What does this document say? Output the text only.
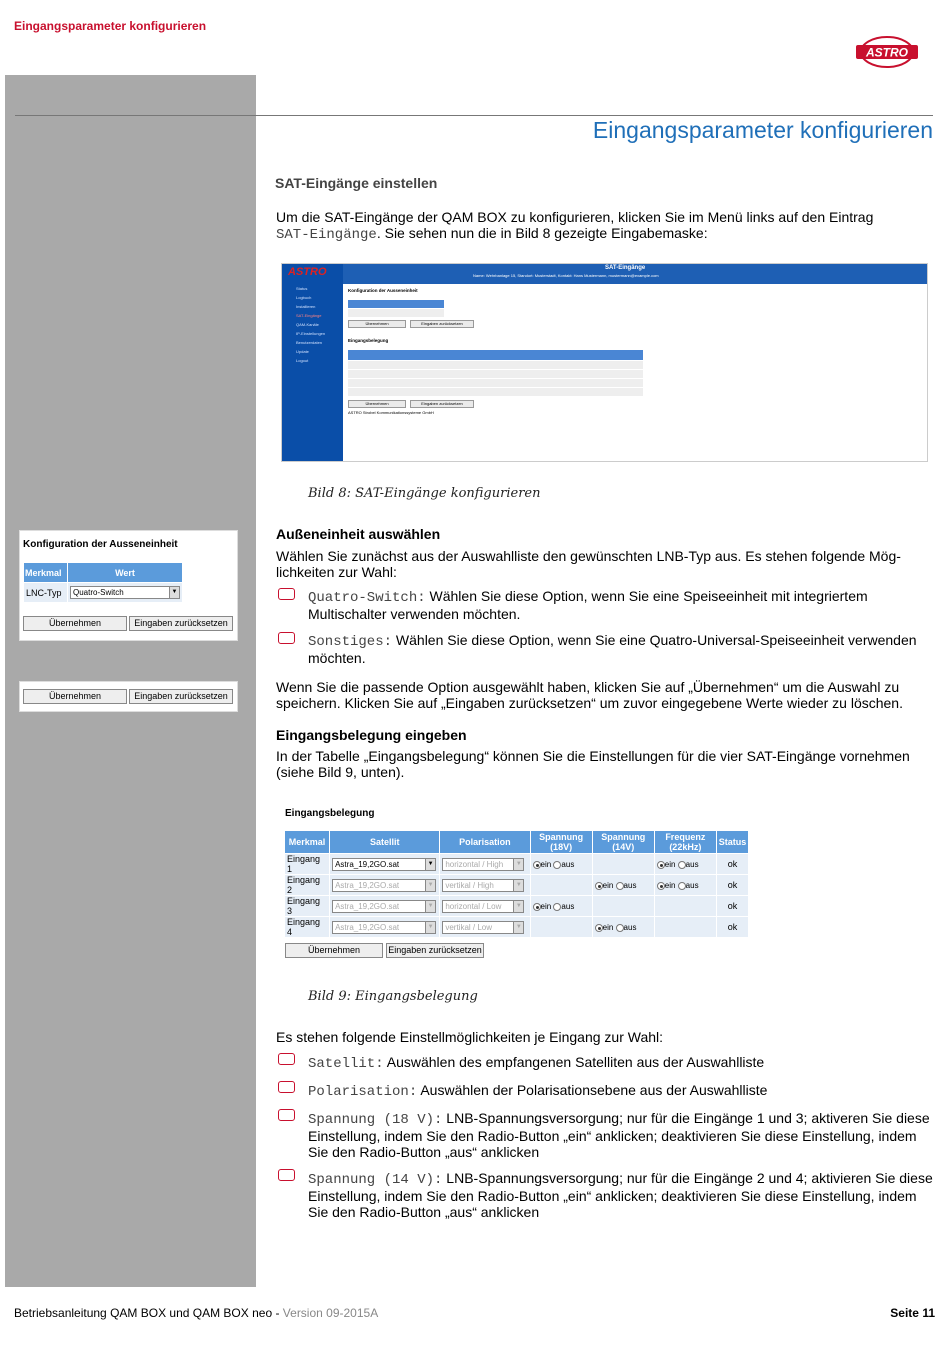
Eingangsparameter konfigurieren
ASTRO
Eingangsparameter konfigurieren
SAT-Eingänge einstellen
Um die SAT-Eingänge der QAM BOX zu konfigurieren, klicken Sie im Menü links auf den Eintrag
SAT-Eingänge. Sie sehen nun die in Bild 8 gezeigte Eingabemaske:
ASTRO
Status
Logbuch
Installieren
SAT-Eingänge
QAM-Kanäle
IP-Einstellungen
Benutzerdaten
Update
Logout
SAT-Eingänge
Name: Wehrbanlage 15, Standort: Musterstadt, Kontakt: Hans Mustermann, mustermann@example.com
Konfiguration der Ausseneinheit
Übernehmen	Eingaben zurücksetzen
Eingangsbelegung
Übernehmen	Eingaben zurücksetzen
ASTRO Strobel Kommunikationssysteme GmbH
Bild 8: SAT-Eingänge konfigurieren
Konfiguration der Ausseneinheit
Merkmal	Wert
LNC-Typ	Quatro-Switch ▼
Übernehmen	Eingaben zurücksetzen
Übernehmen	Eingaben zurücksetzen
Außeneinheit auswählen
Wählen Sie zunächst aus der Auswahlliste den gewünschten LNB-Typ aus. Es stehen folgende Mög-lichkeiten zur Wahl:
Quatro-Switch: Wählen Sie diese Option, wenn Sie eine Speiseeinheit mit integriertem Multischalter verwenden möchten.
Sonstiges: Wählen Sie diese Option, wenn Sie eine Quatro-Universal-Speiseeinheit verwenden möchten.
Wenn Sie die passende Option ausgewählt haben, klicken Sie auf „Übernehmen“ um die Auswahl zu speichern. Klicken Sie auf „Eingaben zurücksetzen“ um zuvor eingegebene Werte wieder zu löschen.
Eingangsbelegung eingeben
In der Tabelle „Eingangsbelegung“ können Sie die Einstellungen für die vier SAT-Eingänge vornehmen (siehe Bild 9, unten).
Eingangsbelegung
Merkmal	Satellit	Polarisation	Spannung (18V)	Spannung (14V)	Frequenz (22kHz)	Status
Eingang 1	Astra_19,2GO.sat ▼	horizontal / High ▼	ein aus		ein aus	ok
Eingang 2	Astra_19,2GO.sat ▼	vertikal / High ▼		ein aus	ein aus	ok
Eingang 3	Astra_19,2GO.sat ▼	horizontal / Low ▼	ein aus			ok
Eingang 4	Astra_19,2GO.sat ▼	vertikal / Low ▼		ein aus		ok
Übernehmen	Eingaben zurücksetzen
Bild 9: Eingangsbelegung
Es stehen folgende Einstellmöglichkeiten je Eingang zur Wahl:
Satellit: Auswählen des empfangenen Satelliten aus der Auswahlliste
Polarisation: Auswählen der Polarisationsebene aus der Auswahlliste
Spannung (18 V): LNB-Spannungsversorgung; nur für die Eingänge 1 und 3; aktiveren Sie diese Einstellung, indem Sie den Radio-Button „ein“ anklicken; deaktivieren Sie diese Einstellung, indem Sie den Radio-Button „aus“ anklicken
Spannung (14 V): LNB-Spannungsversorgung; nur für die Eingänge 2 und 4; aktivieren Sie diese Einstellung, indem Sie den Radio-Button „ein“ anklicken; deaktivieren Sie diese Einstellung, indem Sie den Radio-Button „aus“ anklicken
Betriebsanleitung QAM BOX und QAM BOX neo - Version 09-2015A	Seite 11
